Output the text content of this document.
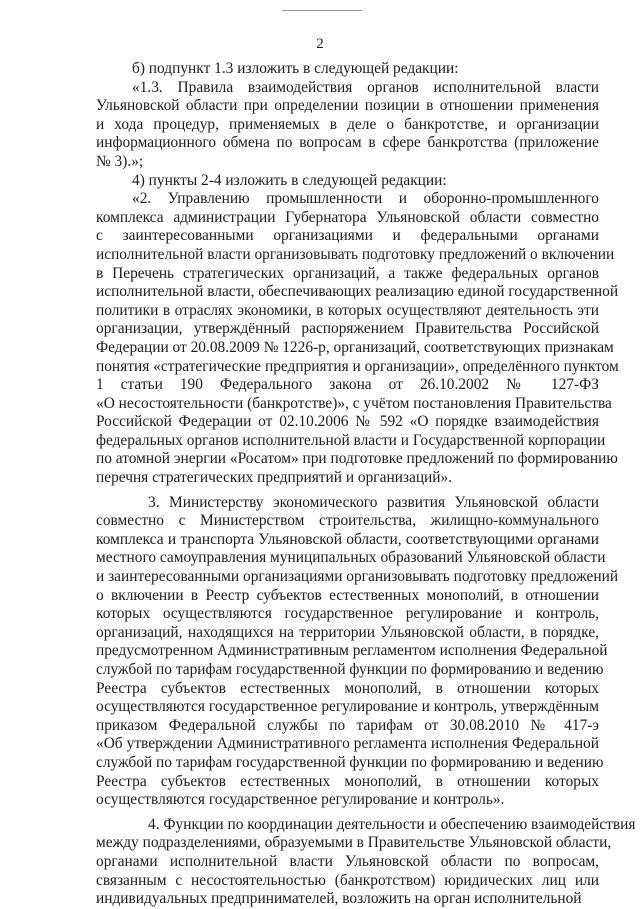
2
б) подпункт 1.3 изложить в следующей редакции:
«1.3. Правила взаимодействия органов исполнительной власти
Ульяновской области при определении позиции в отношении применения
и хода процедур, применяемых в деле о банкротстве, и организации
информационного обмена по вопросам в сфере банкротства (приложение
№ 3).»;
4) пункты 2-4 изложить в следующей редакции:
«2. Управлению промышленности и оборонно-промышленного
комплекса администрации Губернатора Ульяновской области совместно
с заинтересованными организациями и федеральными органами
исполнительной власти организовывать подготовку предложений о включении
в Перечень стратегических организаций, а также федеральных органов
исполнительной власти, обеспечивающих реализацию единой государственной
политики в отраслях экономики, в которых осуществляют деятельность эти
организации, утверждённый распоряжением Правительства Российской
Федерации от 20.08.2009 № 1226-р, организаций, соответствующих признакам
понятия «стратегические предприятия и организации», определённого пунктом
1 статьи 190 Федерального закона от 26.10.2002 № 127-ФЗ
«О несостоятельности (банкротстве)», с учётом постановления Правительства
Российской Федерации от 02.10.2006 № 592 «О порядке взаимодействия
федеральных органов исполнительной власти и Государственной корпорации
по атомной энергии «Росатом» при подготовке предложений по формированию
перечня стратегических предприятий и организаций».
3. Министерству экономического развития Ульяновской области
совместно с Министерством строительства, жилищно-коммунального
комплекса и транспорта Ульяновской области, соответствующими органами
местного самоуправления муниципальных образований Ульяновской области
и заинтересованными организациями организовывать подготовку предложений
о включении в Реестр субъектов естественных монополий, в отношении
которых осуществляются государственное регулирование и контроль,
организаций, находящихся на территории Ульяновской области, в порядке,
предусмотренном Административным регламентом исполнения Федеральной
службой по тарифам государственной функции по формированию и ведению
Реестра субъектов естественных монополий, в отношении которых
осуществляются государственное регулирование и контроль, утверждённым
приказом Федеральной службы по тарифам от 30.08.2010 № 417-э
«Об утверждении Административного регламента исполнения Федеральной
службой по тарифам государственной функции по формированию и ведению
Реестра субъектов естественных монополий, в отношении которых
осуществляются государственное регулирование и контроль».
4. Функции по координации деятельности и обеспечению взаимодействия
между подразделениями, образуемыми в Правительстве Ульяновской области,
органами исполнительной власти Ульяновской области по вопросам,
связанным с несостоятельностью (банкротством) юридических лиц или
индивидуальных предпринимателей, возложить на орган исполнительной
